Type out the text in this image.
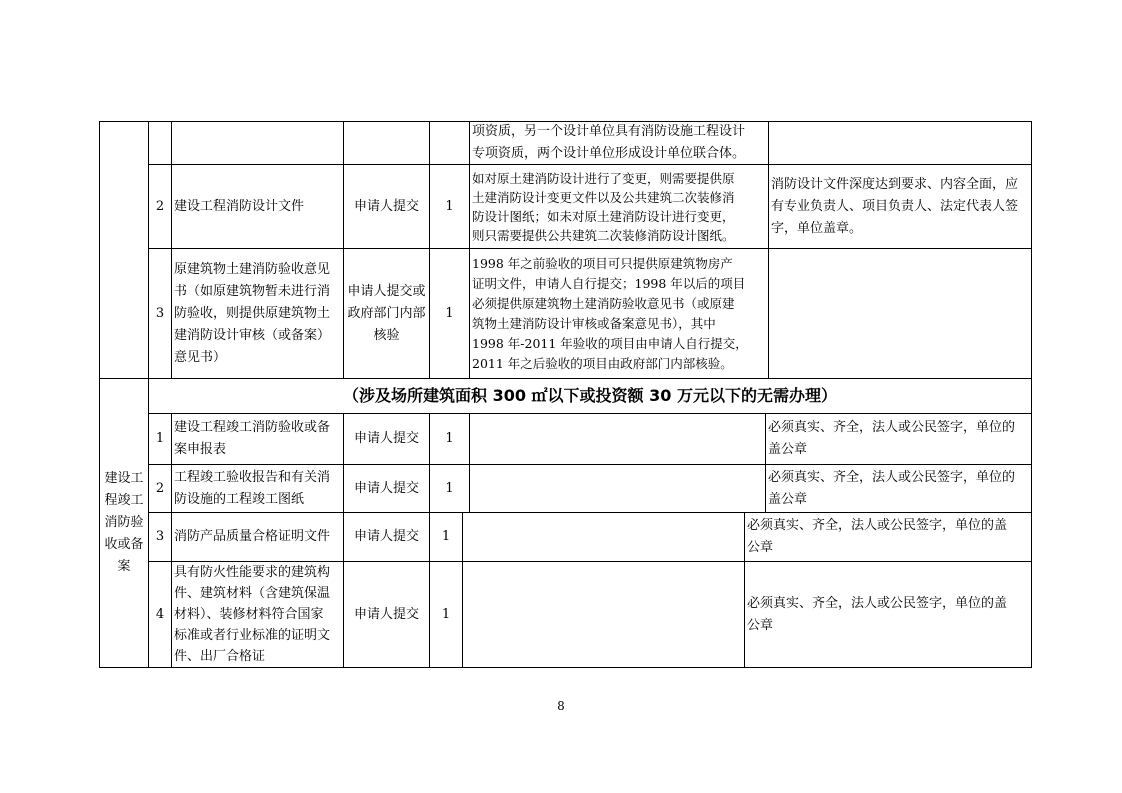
项资质，另一个设计单位具有消防设施工程设计
专项资质，两个设计单位形成设计单位联合体。
2 建设工程消防设计文件	申请人提交 1
如对原土建消防设计进行了变更，则需要提供原
土建消防设计变更文件以及公共建筑二次装修消
防设计图纸；如未对原土建消防设计进行变更，
则只需要提供公共建筑二次装修消防设计图纸。
消防设计文件深度达到要求、内容全面，应
有专业负责人、项目负责人、法定代表人签
字，单位盖章。
3
原建筑物土建消防验收意见
书（如原建筑物暂未进行消
防验收，则提供原建筑物土
建消防设计审核（或备案）
意见书）
申请人提交或 政府部门内部 核验
1
1998 年之前验收的项目可只提供原建筑物房产
证明文件，申请人自行提交；1998 年以后的项目
必须提供原建筑物土建消防验收意见书（或原建
筑物土建消防设计审核或备案意见书），其中
1998 年-2011 年验收的项目由申请人自行提交，
2011 年之后验收的项目由政府部门内部核验。
建设工
程竣工
消防验
收或备
案
（涉及场所建筑面积 300 ㎡以下或投资额 30 万元以下的无需办理）
1
建设工程竣工消防验收或备
案申报表
申请人提交 1
必须真实、齐全，法人或公民签字，单位的
盖公章
2
工程竣工验收报告和有关消
防设施的工程竣工图纸
申请人提交 1
必须真实、齐全，法人或公民签字，单位的
盖公章
3 消防产品质量合格证明文件 申请人提交 1
必须真实、齐全，法人或公民签字，单位的盖
公章
4
具有防火性能要求的建筑构
件、建筑材料（含建筑保温
材料）、装修材料符合国家
标准或者行业标准的证明文
件、出厂合格证
申请人提交 1
必须真实、齐全，法人或公民签字，单位的盖
公章
8
